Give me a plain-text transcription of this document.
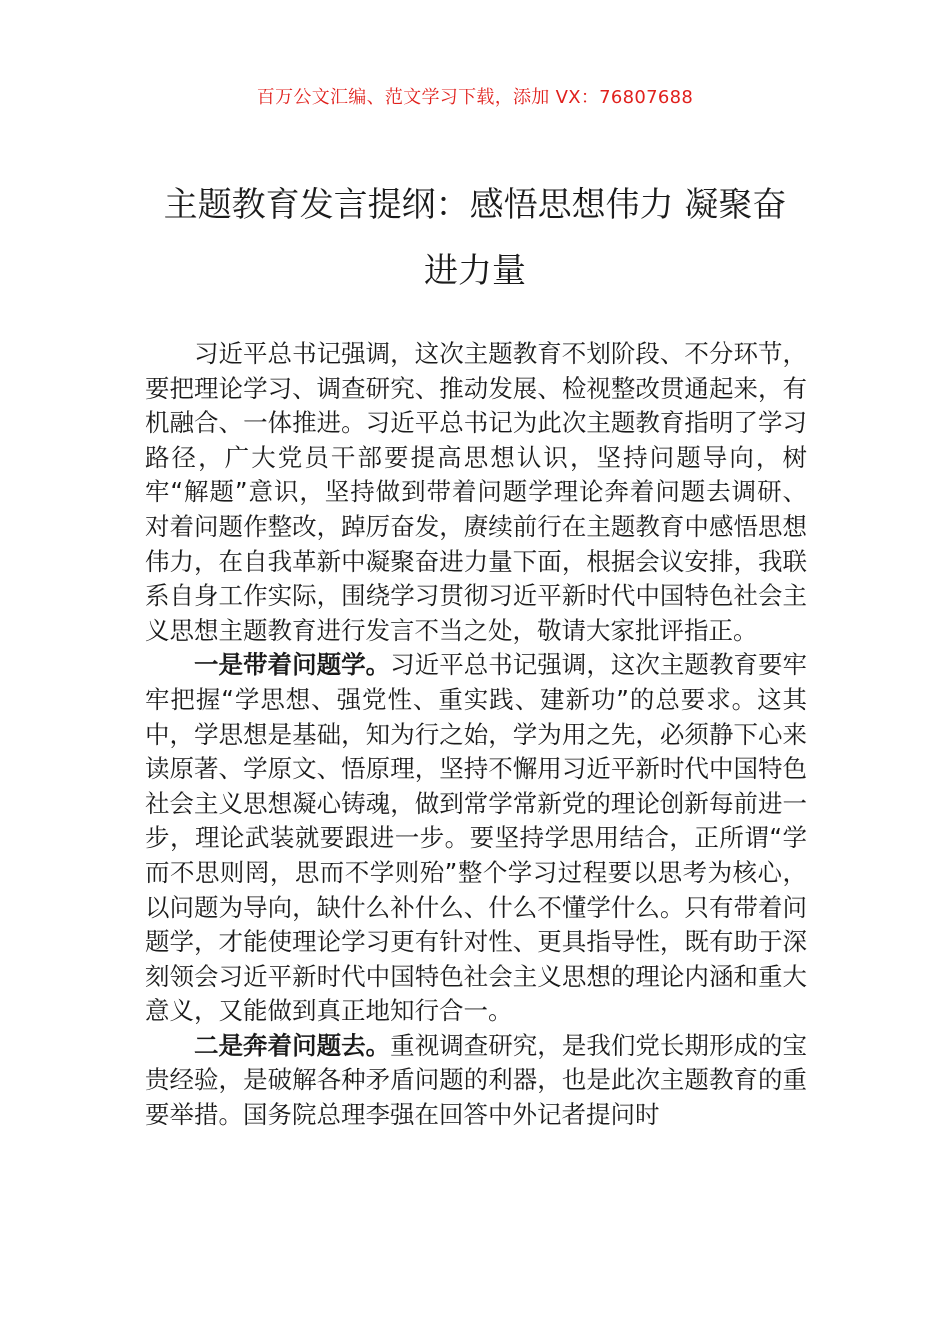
百万公文汇编、范文学习下载，添加 VX：76807688
主题教育发言提纲：感悟思想伟力 凝聚奋
进力量

习近平总书记强调，这次主题教育不划阶段、不分环节，要把理论学习、调查研究、推动发展、检视整改贯通起来，有机融合、一体推进。习近平总书记为此次主题教育指明了学习路径，广大党员干部要提高思想认识，坚持问题导向，树牢“解题”意识，坚持做到带着问题学理论奔着问题去调研、对着问题作整改，踔厉奋发，赓续前行在主题教育中感悟思想伟力，在自我革新中凝聚奋进力量下面，根据会议安排，我联系自身工作实际，围绕学习贯彻习近平新时代中国特色社会主义思想主题教育进行发言不当之处，敬请大家批评指正。

一是带着问题学。习近平总书记强调，这次主题教育要牢牢把握“学思想、强党性、重实践、建新功”的总要求。这其中，学思想是基础，知为行之始，学为用之先，必须静下心来读原著、学原文、悟原理，坚持不懈用习近平新时代中国特色社会主义思想凝心铸魂，做到常学常新党的理论创新每前进一步，理论武装就要跟进一步。要坚持学思用结合，正所谓“学而不思则罔，思而不学则殆”整个学习过程要以思考为核心，以问题为导向，缺什么补什么、什么不懂学什么。只有带着问题学，才能使理论学习更有针对性、更具指导性，既有助于深刻领会习近平新时代中国特色社会主义思想的理论内涵和重大意义，又能做到真正地知行合一。

二是奔着问题去。重视调查研究，是我们党长期形成的宝贵经验，是破解各种矛盾问题的利器，也是此次主题教育的重要举措。国务院总理李强在回答中外记者提问时
